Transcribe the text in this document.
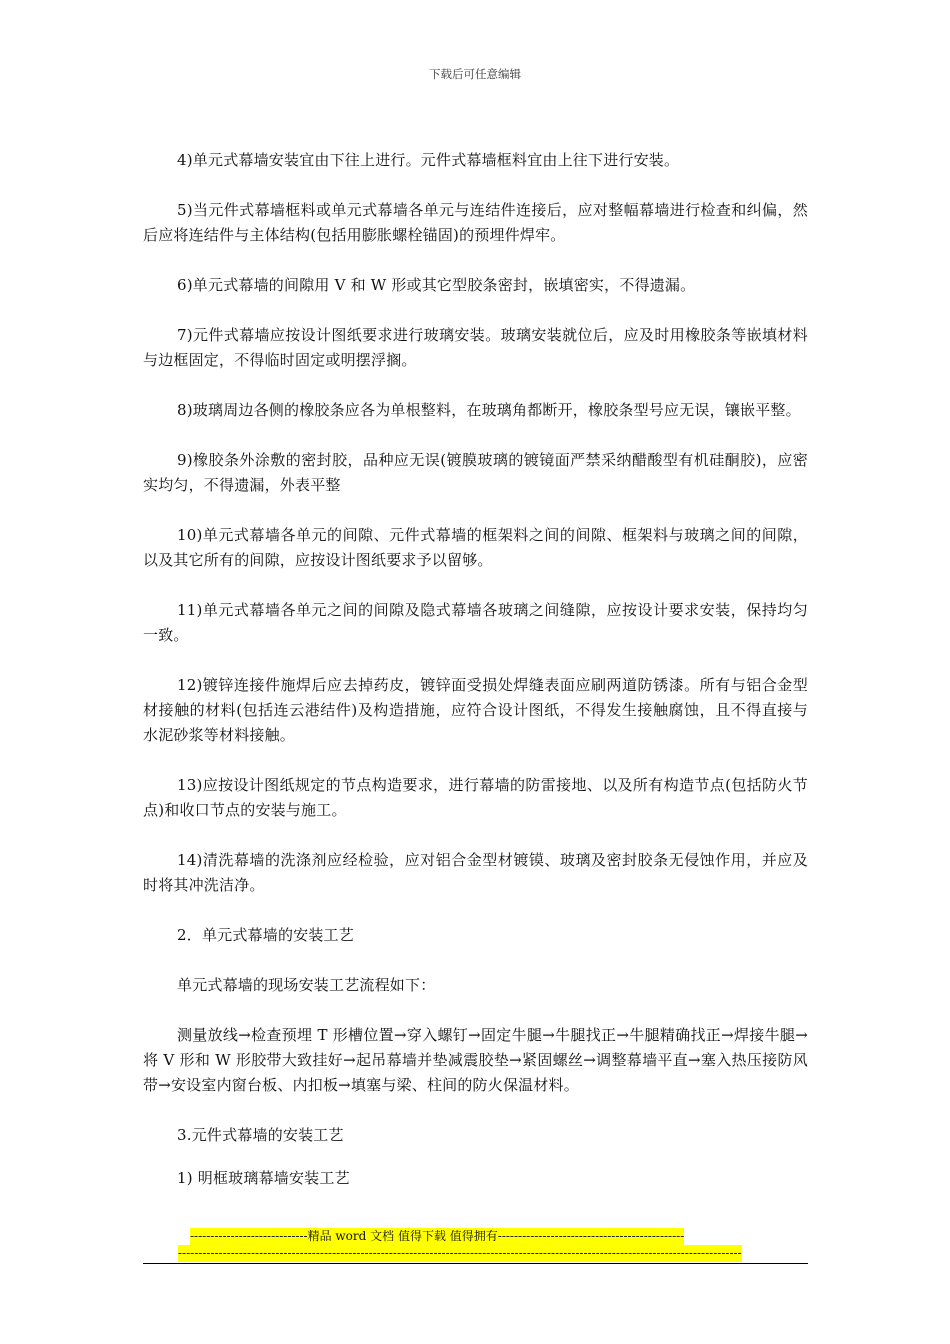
下载后可任意编辑

4)单元式幕墙安装宜由下往上进行。元件式幕墙框料宜由上往下进行安装。

5)当元件式幕墙框料或单元式幕墙各单元与连结件连接后，应对整幅幕墙进行检查和纠偏，然后应将连结件与主体结构(包括用膨胀螺栓锚固)的预埋件焊牢。

6)单元式幕墙的间隙用 V 和 W 形或其它型胶条密封，嵌填密实，不得遗漏。

7)元件式幕墙应按设计图纸要求进行玻璃安装。玻璃安装就位后，应及时用橡胶条等嵌填材料与边框固定，不得临时固定或明摆浮搁。

8)玻璃周边各侧的橡胶条应各为单根整料，在玻璃角都断开，橡胶条型号应无误，镶嵌平整。

9)橡胶条外涂敷的密封胶，品种应无误(镀膜玻璃的镀镜面严禁采纳醋酸型有机硅酮胶)，应密实均匀，不得遗漏，外表平整

10)单元式幕墙各单元的间隙、元件式幕墙的框架料之间的间隙、框架料与玻璃之间的间隙，以及其它所有的间隙，应按设计图纸要求予以留够。

11)单元式幕墙各单元之间的间隙及隐式幕墙各玻璃之间缝隙，应按设计要求安装，保持均匀一致。

12)镀锌连接件施焊后应去掉药皮，镀锌面受损处焊缝表面应刷两道防锈漆。所有与铝合金型材接触的材料(包括连云港结件)及构造措施，应符合设计图纸，不得发生接触腐蚀，且不得直接与水泥砂浆等材料接触。

13)应按设计图纸规定的节点构造要求，进行幕墙的防雷接地、以及所有构造节点(包括防火节点)和收口节点的安装与施工。

14)清洗幕墙的洗涤剂应经检验，应对铝合金型材镀镆、玻璃及密封胶条无侵蚀作用，并应及时将其冲洗洁净。

2．单元式幕墙的安装工艺

单元式幕墙的现场安装工艺流程如下：

测量放线→检查预埋 T 形槽位置→穿入螺钉→固定牛腿→牛腿找正→牛腿精确找正→焊接牛腿→将 V 形和 W 形胶带大致挂好→起吊幕墙并垫减震胶垫→紧固螺丝→调整幕墙平直→塞入热压接防风带→安设室内窗台板、内扣板→填塞与梁、柱间的防火保温材料。

3.元件式幕墙的安装工艺

1) 明框玻璃幕墙安装工艺

-----------------------------精品 word 文档 值得下载 值得拥有----------------------------------------------
-------------------------------------------------------------------------------------------------------------------------------------------
